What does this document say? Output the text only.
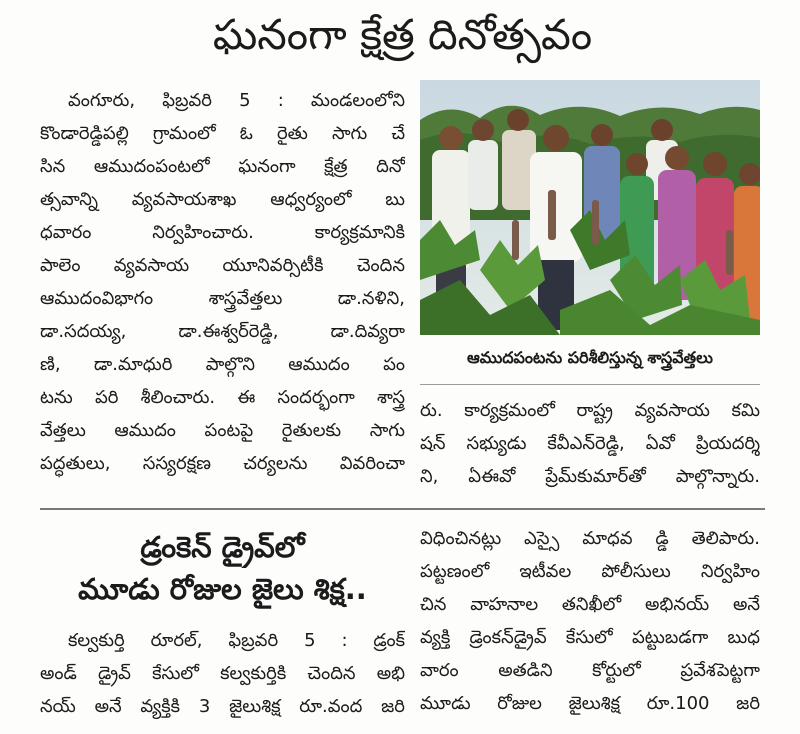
ఘనంగా క్షేత్ర దినోత్సవం
వంగూరు, ఫిబ్రవరి 5 : మండలంలోని
కొండారెడ్డిపల్లి గ్రామంలో ఓ రైతు సాగు చే
సిన ఆముదంపంటలో ఘనంగా క్షేత్ర దినో
త్సవాన్ని వ్యవసాయశాఖ ఆధ్వర్యంలో బు
ధవారం నిర్వహించారు. కార్యక్రమానికి
పాలెం వ్యవసాయ యూనివర్సిటీకి చెందిన
ఆముదంవిభాగం శాస్త్రవేత్తలు డా.నళిని,
డా.సదయ్య, డా.ఈశ్వర్‌రెడ్డి, డా.దివ్యరా
ణి, డా.మాధురి పాల్గొని ఆముదం పం
టను పరి శీలించారు. ఈ సందర్భంగా శాస్త్ర
వేత్తలు ఆముదం పంటపై రైతులకు సాగు
పద్ధతులు, సస్యరక్షణ చర్యలను వివరించా
ఆముదపంటను పరిశీలిస్తున్న శాస్త్రవేత్తలు
రు. కార్యక్రమంలో రాష్ట్ర వ్యవసాయ కమి
షన్ సభ్యుడు కేవీఎన్‌రెడ్డి, ఏవో ప్రియదర్శి
ని, ఏఈవో ప్రేమ్‌కుమార్‌తో పాల్గొన్నారు.
డ్రంకెన్ డ్రైవ్‌లో
మూడు రోజుల జైలు శిక్ష..
కల్వకుర్తి రూరల్, ఫిబ్రవరి 5 : డ్రంక్
అండ్ డ్రైవ్ కేసులో కల్వకుర్తికి చెందిన అభి
నయ్ అనే వ్యక్తికి 3 జైలుశిక్ష రూ.వంద జరి
విధించినట్లు ఎస్సై మాధవ డ్డి తెలిపారు.
పట్టణంలో ఇటీవల పోలీసులు నిర్వహిం
చిన వాహనాల తనిఖీలో అభినయ్ అనే
వ్యక్తి డ్రెంకన్‌డ్రైవ్ కేసులో పట్టుబడగా బుధ
వారం అతడిని కోర్టులో ప్రవేశపెట్టగా
మూడు రోజుల జైలుశిక్ష రూ.100 జరి
